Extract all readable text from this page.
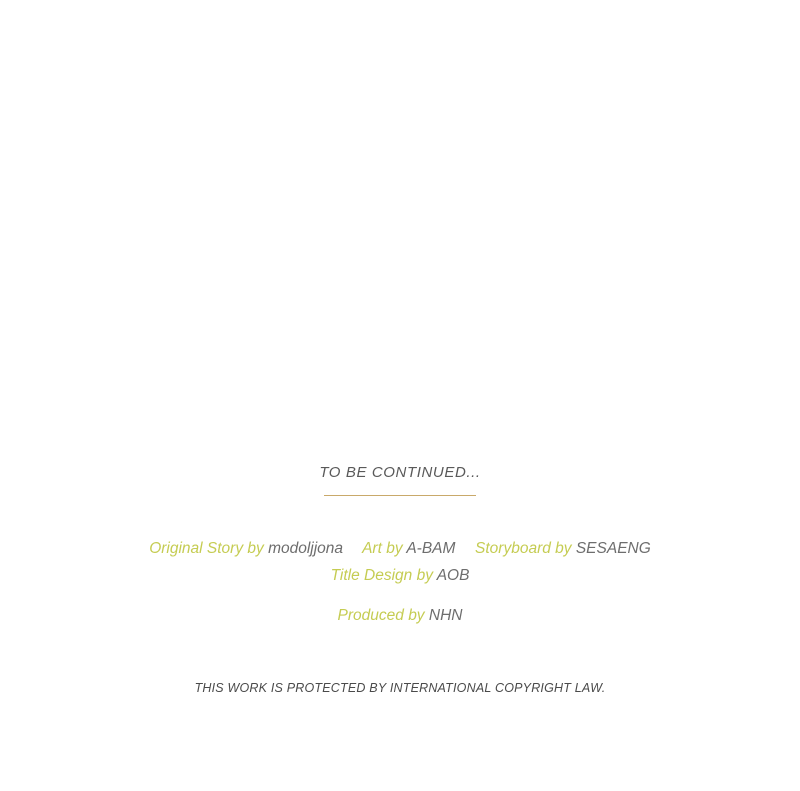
TO BE CONTINUED...
Original Story by modoljjona Art by A-BAM Storyboard by SESAENG
Title Design by AOB
Produced by NHN
THIS WORK IS PROTECTED BY INTERNATIONAL COPYRIGHT LAW.
